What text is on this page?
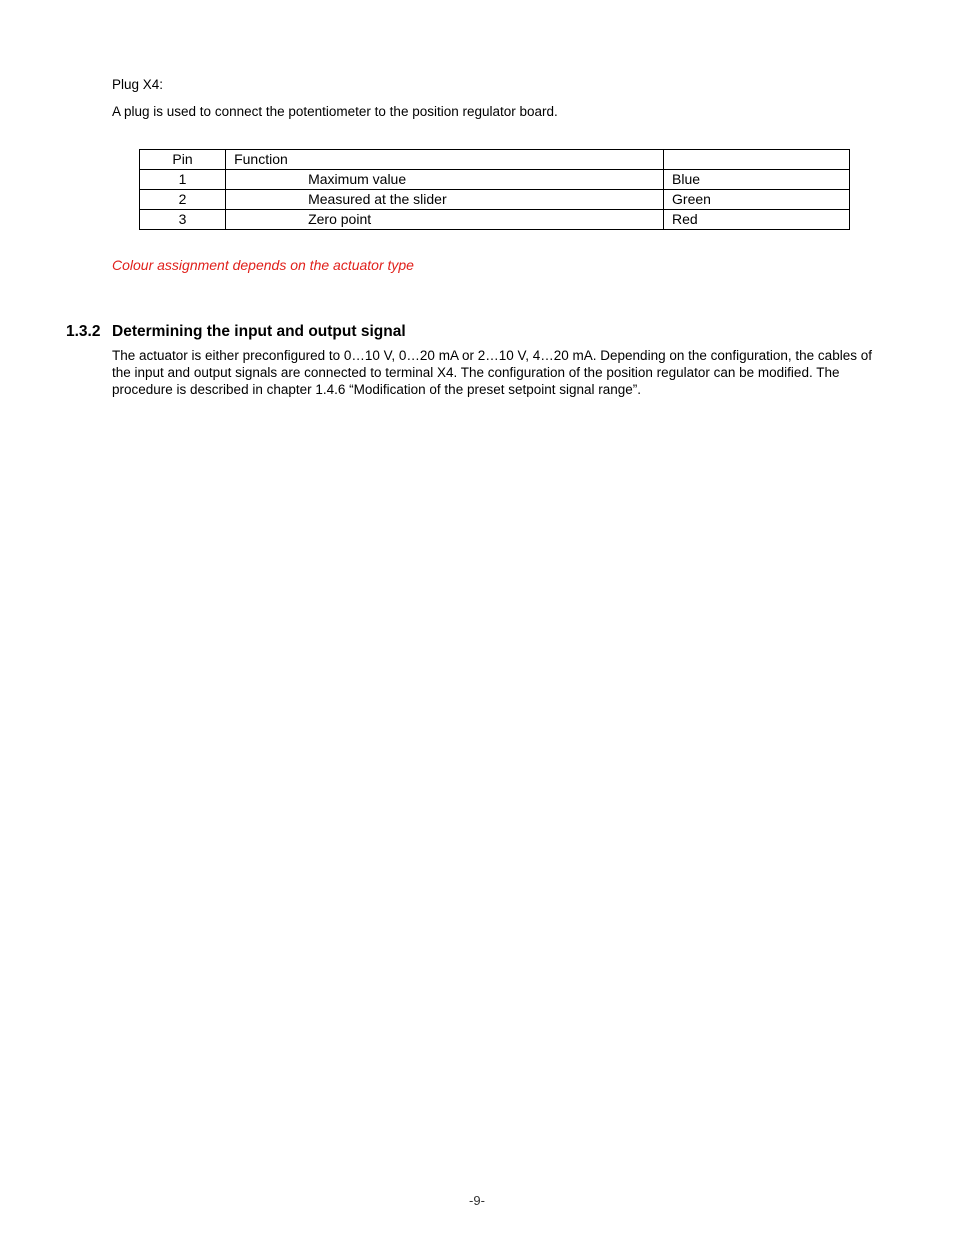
Plug X4:
A plug is used to connect the potentiometer to the position regulator board.
Pin	Function	
1	Maximum value	Blue
2	Measured at the slider	Green
3	Zero point	Red
Colour assignment depends on the actuator type
1.3.2 Determining the input and output signal
The actuator is either preconfigured to 0…10 V, 0…20 mA or 2…10 V, 4…20 mA. Depending on the configuration, the cables of the input and output signals are connected to terminal X4. The configuration of the position regulator can be modified. The procedure is described in chapter 1.4.6 “Modification of the preset setpoint signal range”.
-9-
